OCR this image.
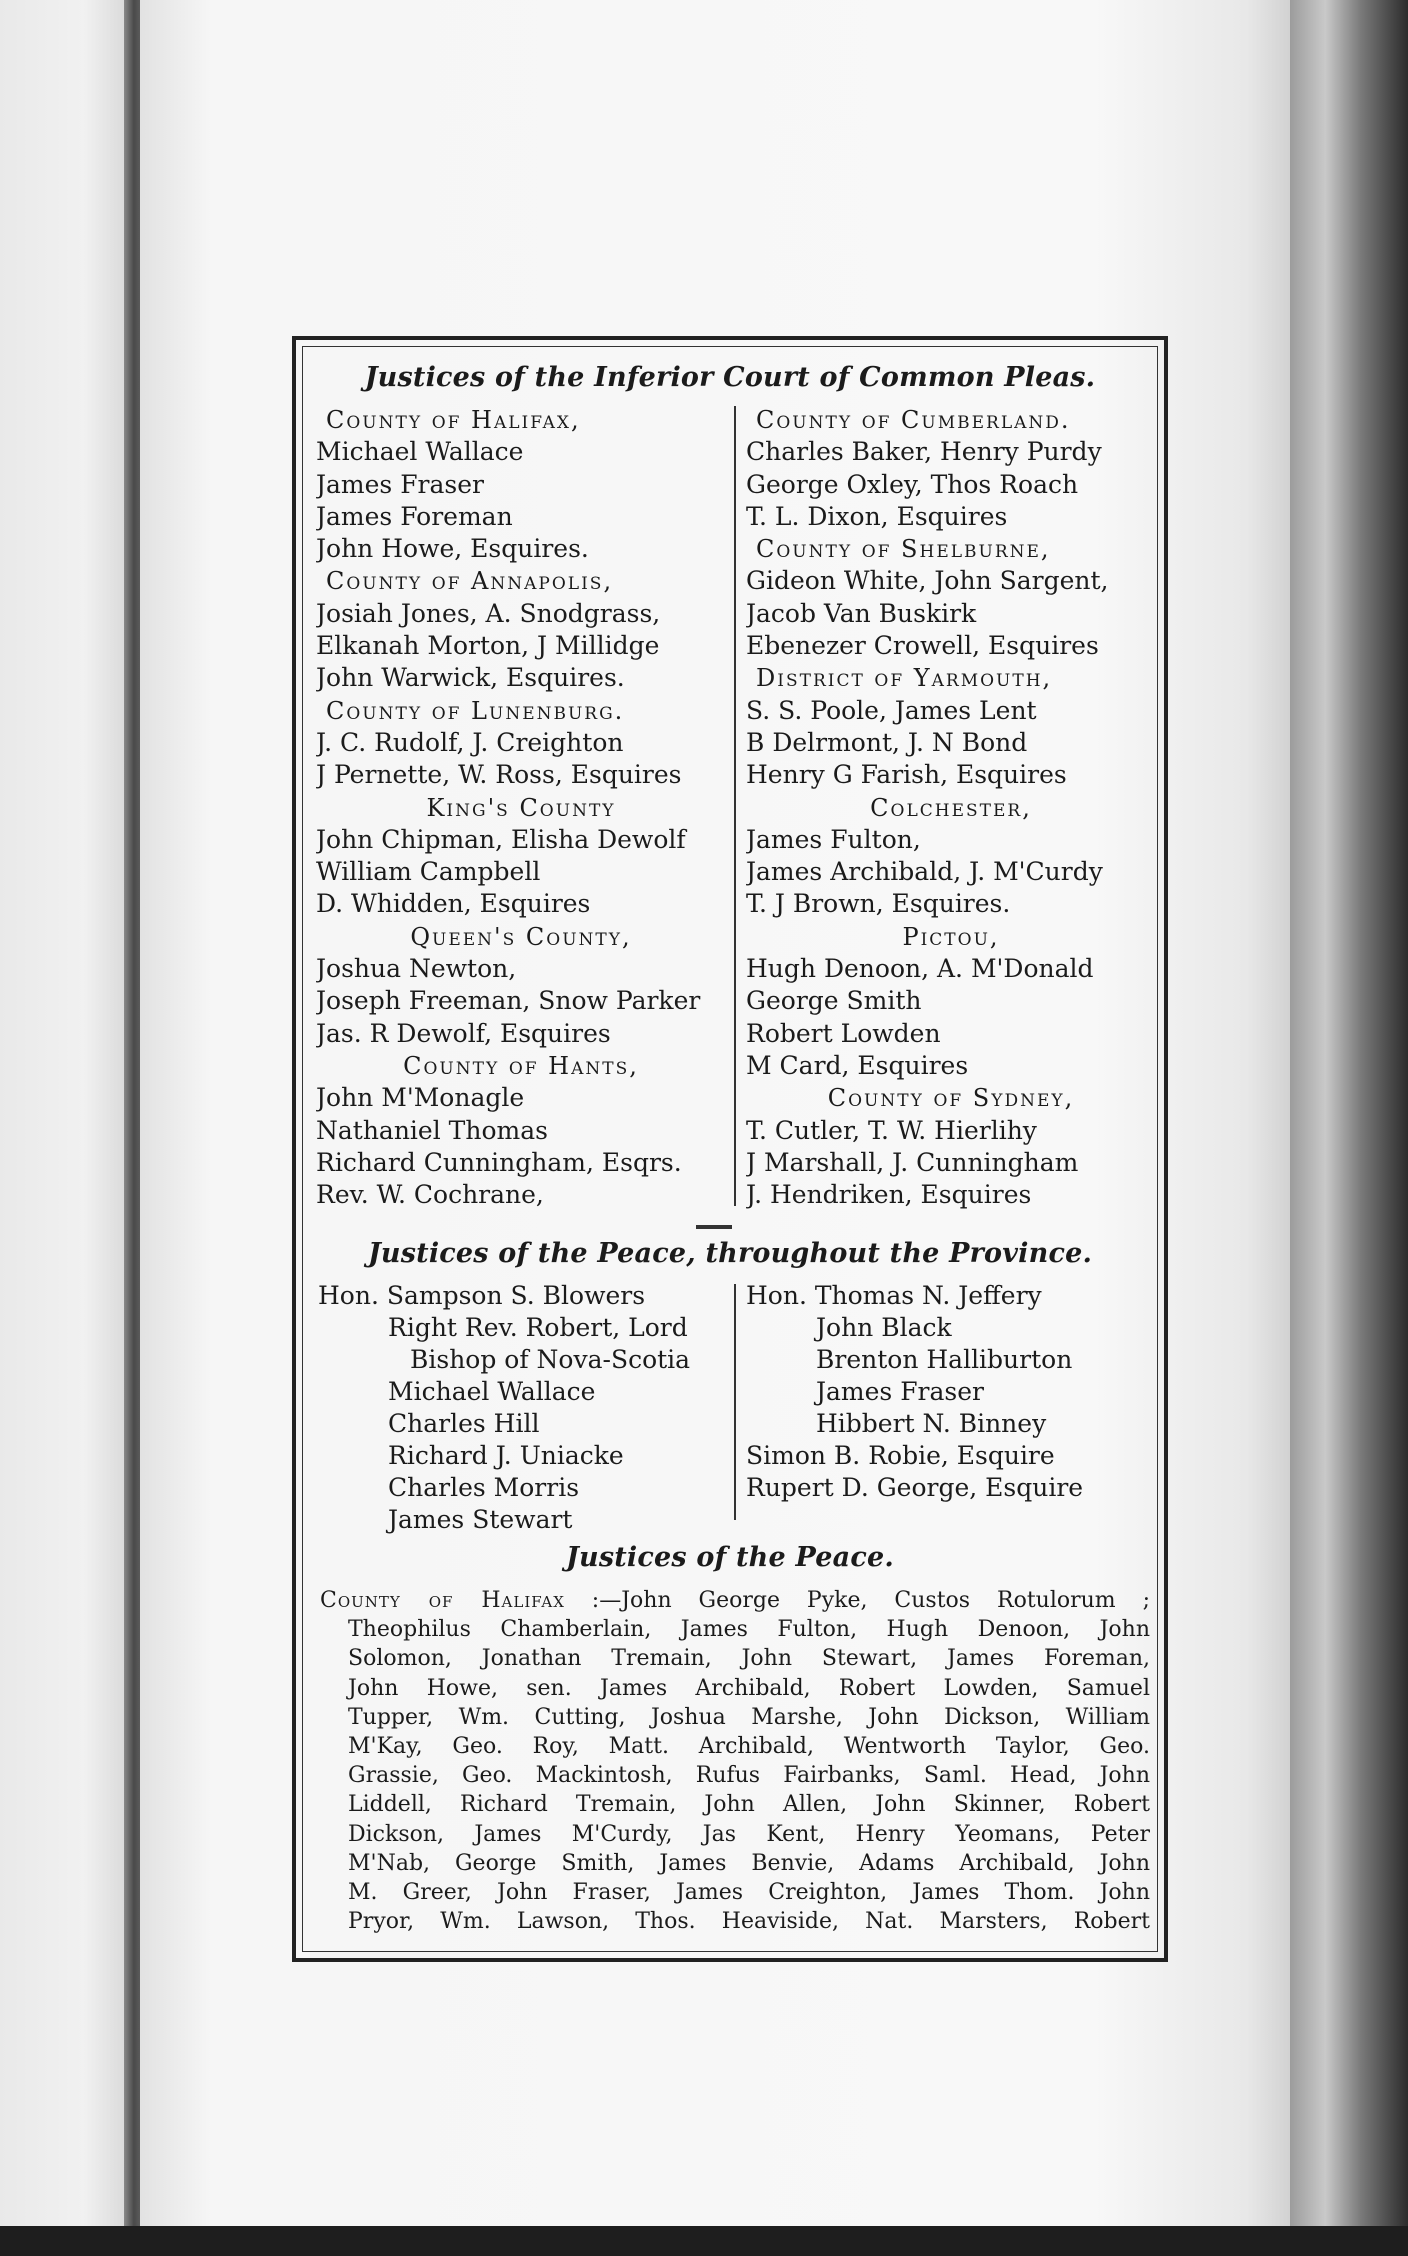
Justices of the Inferior Court of Common Pleas.
County of Halifax,
Michael Wallace
James Fraser
James Foreman
John Howe, Esquires.
County of Annapolis,
Josiah Jones, A. Snodgrass,
Elkanah Morton, J Millidge
John Warwick, Esquires.
County of Lunenburg.
J. C. Rudolf, J. Creighton
J Pernette, W. Ross, Esquires
King's County
John Chipman, Elisha Dewolf
William Campbell
D. Whidden, Esquires
Queen's County,
Joshua Newton,
Joseph Freeman, Snow Parker
Jas. R Dewolf, Esquires
County of Hants,
John M'Monagle
Nathaniel Thomas
Richard Cunningham, Esqrs.
Rev. W. Cochrane,
County of Cumberland.
Charles Baker, Henry Purdy
George Oxley, Thos Roach
T. L. Dixon, Esquires
County of Shelburne,
Gideon White, John Sargent,
Jacob Van Buskirk
Ebenezer Crowell, Esquires
District of Yarmouth,
S. S. Poole, James Lent
B Delrmont, J. N Bond
Henry G Farish, Esquires
Colchester,
James Fulton,
James Archibald, J. M'Curdy
T. J Brown, Esquires.
Pictou,
Hugh Denoon, A. M'Donald
George Smith
Robert Lowden
M Card, Esquires
County of Sydney,
T. Cutler, T. W. Hierlihy
J Marshall, J. Cunningham
J. Hendriken, Esquires
Justices of the Peace, throughout the Province.
Hon. Sampson S. Blowers
Right Rev. Robert, Lord
Bishop of Nova-Scotia
Michael Wallace
Charles Hill
Richard J. Uniacke
Charles Morris
James Stewart
Hon. Thomas N. Jeffery
John Black
Brenton Halliburton
James Fraser
Hibbert N. Binney
Simon B. Robie, Esquire
Rupert D. George, Esquire
Justices of the Peace.
County of Halifax :—John George Pyke, Custos Rotulorum ;
Theophilus Chamberlain, James Fulton, Hugh Denoon, John
Solomon, Jonathan Tremain, John Stewart, James Foreman,
John Howe, sen. James Archibald, Robert Lowden, Samuel
Tupper, Wm. Cutting, Joshua Marshe, John Dickson, William
M'Kay, Geo. Roy, Matt. Archibald, Wentworth Taylor, Geo.
Grassie, Geo. Mackintosh, Rufus Fairbanks, Saml. Head, John
Liddell, Richard Tremain, John Allen, John Skinner, Robert
Dickson, James M'Curdy, Jas Kent, Henry Yeomans, Peter
M'Nab, George Smith, James Benvie, Adams Archibald, John
M. Greer, John Fraser, James Creighton, James Thom. John
Pryor, Wm. Lawson, Thos. Heaviside, Nat. Marsters, Robert
